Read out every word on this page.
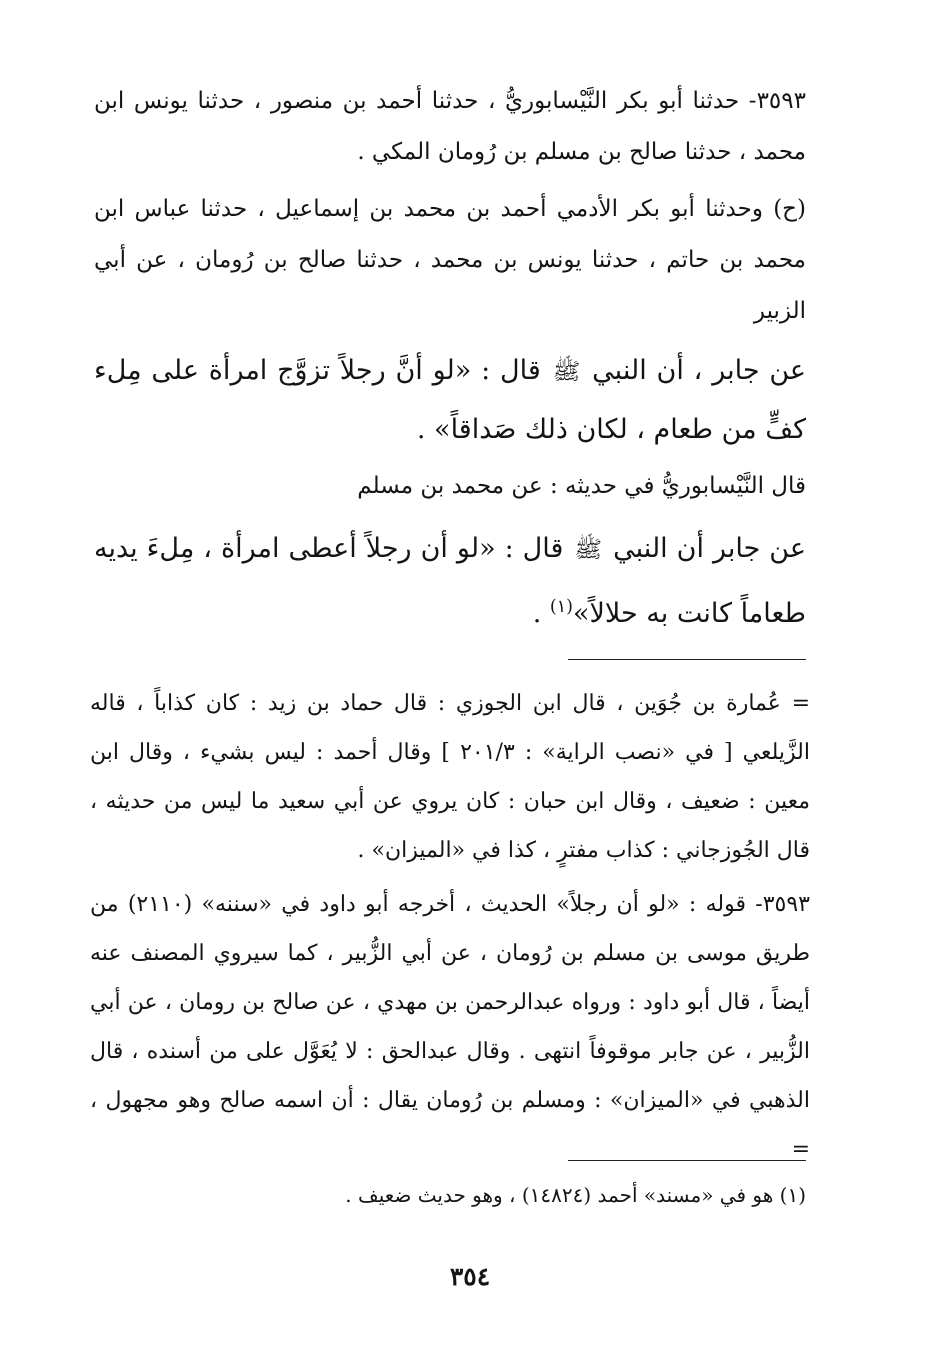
٣٥٩٣- حدثنا أبو بكر النَّيْسابوريُّ ، حدثنا أحمد بن منصور ، حدثنا يونس ابن محمد ، حدثنا صالح بن مسلم بن رُومان المكي .

(ح) وحدثنا أبو بكر الأدمي أحمد بن محمد بن إسماعيل ، حدثنا عباس ابن محمد بن حاتم ، حدثنا يونس بن محمد ، حدثنا صالح بن رُومان ، عن أبي الزبير

عن جابر ، أن النبي ﷺ قال : «لو أنَّ رجلاً تزوَّج امرأة على مِلء كفٍّ من طعام ، لكان ذلك صَداقاً» .

قال النَّيْسابوريُّ في حديثه : عن محمد بن مسلم

عن جابر أن النبي ﷺ قال : «لو أن رجلاً أعطى امرأة ، مِلءَ يديه طعاماً كانت به حلالاً»$^{(١)}$ .

= عُمارة بن جُوَين ، قال ابن الجوزي : قال حماد بن زيد : كان كذاباً ، قاله الزَّيلعي [ في «نصب الراية» : ٢٠١/٣ ] وقال أحمد : ليس بشيء ، وقال ابن معين : ضعيف ، وقال ابن حبان : كان يروي عن أبي سعيد ما ليس من حديثه ، قال الجُوزجاني : كذاب مفترٍ ، كذا في «الميزان» .

٣٥٩٣- قوله : «لو أن رجلاً» الحديث ، أخرجه أبو داود في «سننه» (٢١١٠) من طريق موسى بن مسلم بن رُومان ، عن أبي الزُّبير ، كما سيروي المصنف عنه أيضاً ، قال أبو داود : ورواه عبدالرحمن بن مهدي ، عن صالح بن رومان ، عن أبي الزُّبير ، عن جابر موقوفاً انتهى . وقال عبدالحق : لا يُعَوَّل على من أسنده ، قال الذهبي في «الميزان» : ومسلم بن رُومان يقال : أن اسمه صالح وهو مجهول ، =

(١) هو في «مسند» أحمد (١٤٨٢٤) ، وهو حديث ضعيف .

٣٥٤
